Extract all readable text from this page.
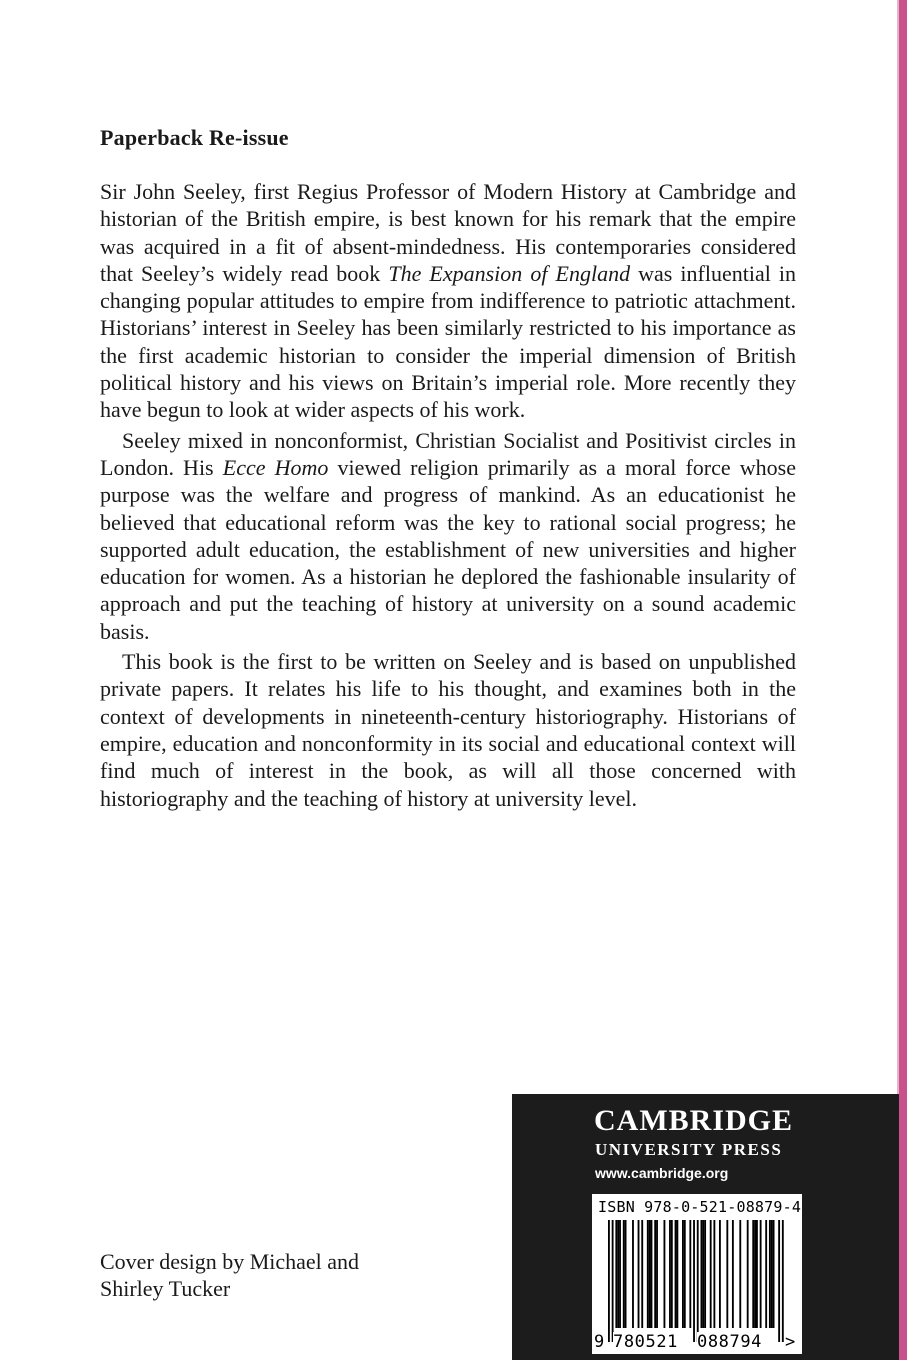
Paperback Re-issue

Sir John Seeley, first Regius Professor of Modern History at Cambridge and historian of the British empire, is best known for his remark that the empire was acquired in a fit of absent-mindedness. His contemporaries considered that Seeley’s widely read book The Expansion of England was influential in changing popular attitudes to empire from indifference to patriotic attachment. Historians’ interest in Seeley has been similarly restricted to his importance as the first academic historian to consider the imperial dimension of British political history and his views on Britain’s imperial role. More recently they have begun to look at wider aspects of his work.

Seeley mixed in nonconformist, Christian Socialist and Positivist circles in London. His Ecce Homo viewed religion primarily as a moral force whose purpose was the welfare and progress of mankind. As an educationist he believed that educational reform was the key to rational social progress; he supported adult education, the establishment of new universities and higher education for women. As a historian he deplored the fashionable insularity of approach and put the teaching of history at university on a sound academic basis.

This book is the first to be written on Seeley and is based on unpublished private papers. It relates his life to his thought, and examines both in the context of developments in nineteenth-century historiography. Historians of empire, education and nonconformity in its social and educational context will find much of interest in the book, as will all those concerned with historiography and the teaching of history at university level.

Cover design by Michael and
Shirley Tucker
CAMBRIDGE
UNIVERSITY PRESS
www.cambridge.org
ISBN 978-0-521-08879-4
9 780521 088794 >
